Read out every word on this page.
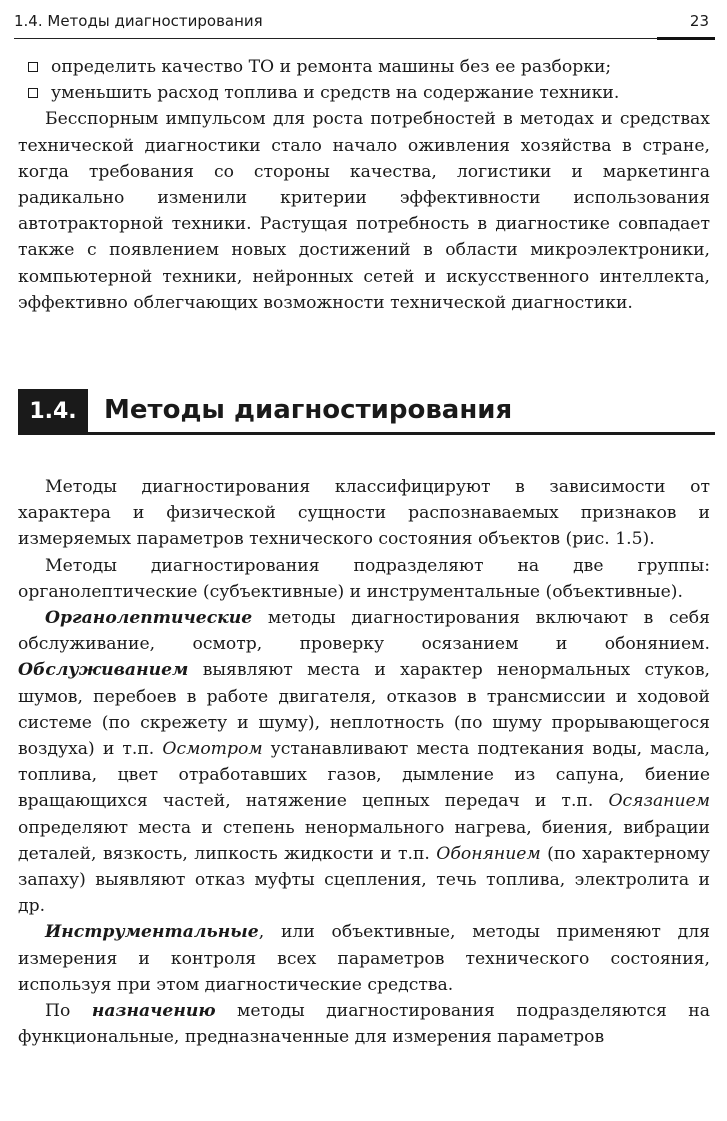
1.4. Методы диагностирования	23

определить качество ТО и ремонта машины без ее разборки;

уменьшить расход топлива и средств на содержание техники.

Бесспорным импульсом для роста потребностей в методах и средствах технической диагностики стало начало оживления хозяйства в стране, когда требования со стороны качества, логистики и маркетинга радикально изменили критерии эффективности использования автотракторной техники. Растущая потребность в диагностике совпадает также с появлением новых достижений в области микроэлектроники, компьютерной техники, нейронных сетей и искусственного интеллекта, эффективно облегчающих возможности технической диагностики.

1.4.	Методы диагностирования

Методы диагностирования классифицируют в зависимости от характера и физической сущности распознаваемых признаков и измеряемых параметров технического состояния объектов (рис. 1.5).

Методы диагностирования подразделяют на две группы: органолептические (субъективные) и инструментальные (объективные).

Органолептические методы диагностирования включают в себя обслуживание, осмотр, проверку осязанием и обонянием. Обслуживанием выявляют места и характер ненормальных стуков, шумов, перебоев в работе двигателя, отказов в трансмиссии и ходовой системе (по скрежету и шуму), неплотность (по шуму прорывающегося воздуха) и т.п. Осмотром устанавливают места подтекания воды, масла, топлива, цвет отработавших газов, дымление из сапуна, биение вращающихся частей, натяжение цепных передач и т.п. Осязанием определяют места и степень ненормального нагрева, биения, вибрации деталей, вязкость, липкость жидкости и т.п. Обонянием (по характерному запаху) выявляют отказ муфты сцепления, течь топлива, электролита и др.

Инструментальные, или объективные, методы применяют для измерения и контроля всех параметров технического состояния, используя при этом диагностические средства.

По назначению методы диагностирования подразделяются на функциональные, предназначенные для измерения параметров
